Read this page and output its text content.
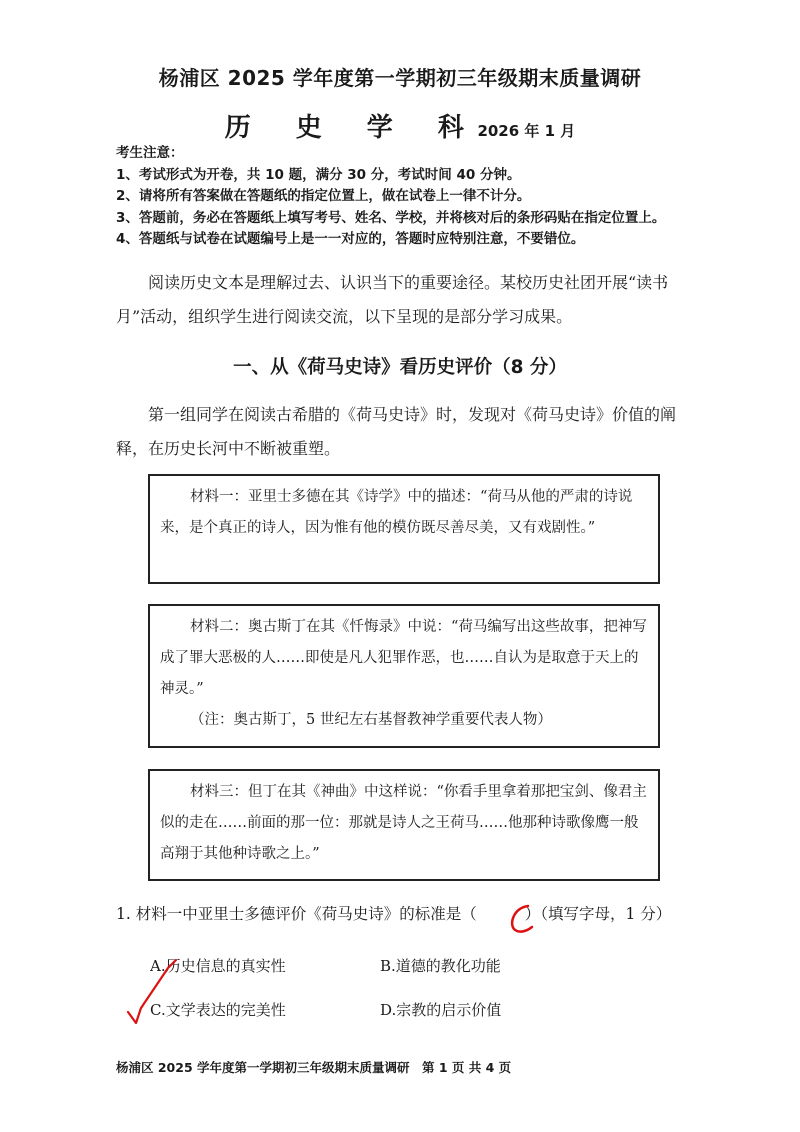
杨浦区 2025 学年度第一学期初三年级期末质量调研
历 史 学 科 2026 年 1 月
考生注意：
1、考试形式为开卷，共 10 题，满分 30 分，考试时间 40 分钟。
2、请将所有答案做在答题纸的指定位置上，做在试卷上一律不计分。
3、答题前，务必在答题纸上填写考号、姓名、学校，并将核对后的条形码贴在指定位置上。
4、答题纸与试卷在试题编号上是一一对应的，答题时应特别注意，不要错位。
阅读历史文本是理解过去、认识当下的重要途径。某校历史社团开展“读书月”活动，组织学生进行阅读交流，以下呈现的是部分学习成果。
一、从《荷马史诗》看历史评价（8 分）
第一组同学在阅读古希腊的《荷马史诗》时，发现对《荷马史诗》价值的阐释，在历史长河中不断被重塑。
材料一：亚里士多德在其《诗学》中的描述：“荷马从他的严肃的诗说来，是个真正的诗人，因为惟有他的模仿既尽善尽美，又有戏剧性。”
材料二：奥古斯丁在其《忏悔录》中说：“荷马编写出这些故事，把神写成了罪大恶极的人……即使是凡人犯罪作恶，也……自认为是取意于天上的神灵。”
（注：奥古斯丁，5 世纪左右基督教神学重要代表人物）
材料三：但丁在其《神曲》中这样说：“你看手里拿着那把宝剑、像君主似的走在……前面的那一位：那就是诗人之王荷马……他那种诗歌像鹰一般高翔于其他种诗歌之上。”
1. 材料一中亚里士多德评价《荷马史诗》的标准是（	）（填写字母，1 分）
A.历史信息的真实性	B.道德的教化功能
C.文学表达的完美性	D.宗教的启示价值
杨浦区 2025 学年度第一学期初三年级期末质量调研　第 1 页 共 4 页
